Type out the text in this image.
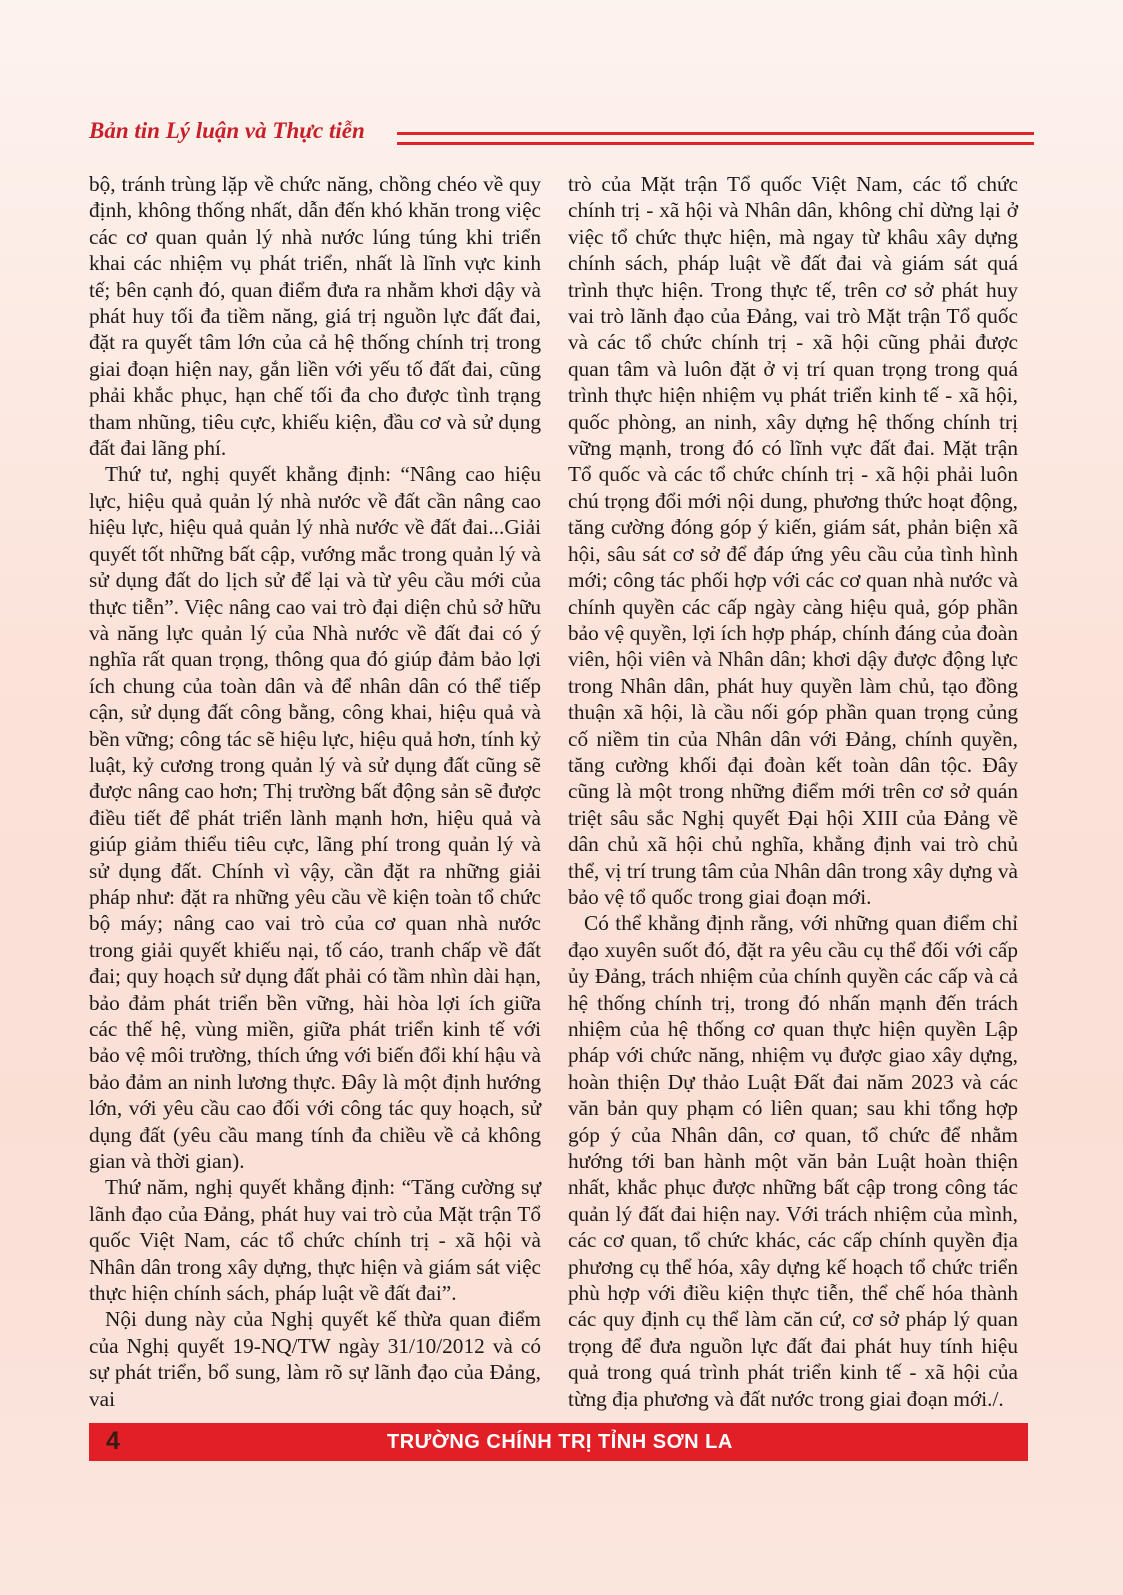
Bản tin Lý luận và Thực tiễn

bộ, tránh trùng lặp về chức năng, chồng chéo về quy định, không thống nhất, dẫn đến khó khăn trong việc các cơ quan quản lý nhà nước lúng túng khi triển khai các nhiệm vụ phát triển, nhất là lĩnh vực kinh tế; bên cạnh đó, quan điểm đưa ra nhằm khơi dậy và phát huy tối đa tiềm năng, giá trị nguồn lực đất đai, đặt ra quyết tâm lớn của cả hệ thống chính trị trong giai đoạn hiện nay, gắn liền với yếu tố đất đai, cũng phải khắc phục, hạn chế tối đa cho được tình trạng tham nhũng, tiêu cực, khiếu kiện, đầu cơ và sử dụng đất đai lãng phí.

Thứ tư, nghị quyết khẳng định: “Nâng cao hiệu lực, hiệu quả quản lý nhà nước về đất cần nâng cao hiệu lực, hiệu quả quản lý nhà nước về đất đai...Giải quyết tốt những bất cập, vướng mắc trong quản lý và sử dụng đất do lịch sử để lại và từ yêu cầu mới của thực tiễn”. Việc nâng cao vai trò đại diện chủ sở hữu và năng lực quản lý của Nhà nước về đất đai có ý nghĩa rất quan trọng, thông qua đó giúp đảm bảo lợi ích chung của toàn dân và để nhân dân có thể tiếp cận, sử dụng đất công bằng, công khai, hiệu quả và bền vững; công tác sẽ hiệu lực, hiệu quả hơn, tính kỷ luật, kỷ cương trong quản lý và sử dụng đất cũng sẽ được nâng cao hơn; Thị trường bất động sản sẽ được điều tiết để phát triển lành mạnh hơn, hiệu quả và giúp giảm thiểu tiêu cực, lãng phí trong quản lý và sử dụng đất. Chính vì vậy, cần đặt ra những giải pháp như: đặt ra những yêu cầu về kiện toàn tổ chức bộ máy; nâng cao vai trò của cơ quan nhà nước trong giải quyết khiếu nại, tố cáo, tranh chấp về đất đai; quy hoạch sử dụng đất phải có tầm nhìn dài hạn, bảo đảm phát triển bền vững, hài hòa lợi ích giữa các thế hệ, vùng miền, giữa phát triển kinh tế với bảo vệ môi trường, thích ứng với biến đổi khí hậu và bảo đảm an ninh lương thực. Đây là một định hướng lớn, với yêu cầu cao đối với công tác quy hoạch, sử dụng đất (yêu cầu mang tính đa chiều về cả không gian và thời gian).

Thứ năm, nghị quyết khẳng định: “Tăng cường sự lãnh đạo của Đảng, phát huy vai trò của Mặt trận Tổ quốc Việt Nam, các tổ chức chính trị - xã hội và Nhân dân trong xây dựng, thực hiện và giám sát việc thực hiện chính sách, pháp luật về đất đai”.

Nội dung này của Nghị quyết kế thừa quan điểm của Nghị quyết 19-NQ/TW ngày 31/10/2012 và có sự phát triển, bổ sung, làm rõ sự lãnh đạo của Đảng, vai

trò của Mặt trận Tổ quốc Việt Nam, các tổ chức chính trị - xã hội và Nhân dân, không chỉ dừng lại ở việc tổ chức thực hiện, mà ngay từ khâu xây dựng chính sách, pháp luật về đất đai và giám sát quá trình thực hiện. Trong thực tế, trên cơ sở phát huy vai trò lãnh đạo của Đảng, vai trò Mặt trận Tổ quốc và các tổ chức chính trị - xã hội cũng phải được quan tâm và luôn đặt ở vị trí quan trọng trong quá trình thực hiện nhiệm vụ phát triển kinh tế - xã hội, quốc phòng, an ninh, xây dựng hệ thống chính trị vững mạnh, trong đó có lĩnh vực đất đai. Mặt trận Tổ quốc và các tổ chức chính trị - xã hội phải luôn chú trọng đổi mới nội dung, phương thức hoạt động, tăng cường đóng góp ý kiến, giám sát, phản biện xã hội, sâu sát cơ sở để đáp ứng yêu cầu của tình hình mới; công tác phối hợp với các cơ quan nhà nước và chính quyền các cấp ngày càng hiệu quả, góp phần bảo vệ quyền, lợi ích hợp pháp, chính đáng của đoàn viên, hội viên và Nhân dân; khơi dậy được động lực trong Nhân dân, phát huy quyền làm chủ, tạo đồng thuận xã hội, là cầu nối góp phần quan trọng củng cố niềm tin của Nhân dân với Đảng, chính quyền, tăng cường khối đại đoàn kết toàn dân tộc. Đây cũng là một trong những điểm mới trên cơ sở quán triệt sâu sắc Nghị quyết Đại hội XIII của Đảng về dân chủ xã hội chủ nghĩa, khẳng định vai trò chủ thể, vị trí trung tâm của Nhân dân trong xây dựng và bảo vệ tổ quốc trong giai đoạn mới.

Có thể khẳng định rằng, với những quan điểm chỉ đạo xuyên suốt đó, đặt ra yêu cầu cụ thể đối với cấp ủy Đảng, trách nhiệm của chính quyền các cấp và cả hệ thống chính trị, trong đó nhấn mạnh đến trách nhiệm của hệ thống cơ quan thực hiện quyền Lập pháp với chức năng, nhiệm vụ được giao xây dựng, hoàn thiện Dự thảo Luật Đất đai năm 2023 và các văn bản quy phạm có liên quan; sau khi tổng hợp góp ý của Nhân dân, cơ quan, tổ chức để nhằm hướng tới ban hành một văn bản Luật hoàn thiện nhất, khắc phục được những bất cập trong công tác quản lý đất đai hiện nay. Với trách nhiệm của mình, các cơ quan, tổ chức khác, các cấp chính quyền địa phương cụ thể hóa, xây dựng kế hoạch tổ chức triển phù hợp với điều kiện thực tiễn, thể chế hóa thành các quy định cụ thể làm căn cứ, cơ sở pháp lý quan trọng để đưa nguồn lực đất đai phát huy tính hiệu quả trong quá trình phát triển kinh tế - xã hội của từng địa phương và đất nước trong giai đoạn mới./.

4	TRƯỜNG CHÍNH TRỊ TỈNH SƠN LA
